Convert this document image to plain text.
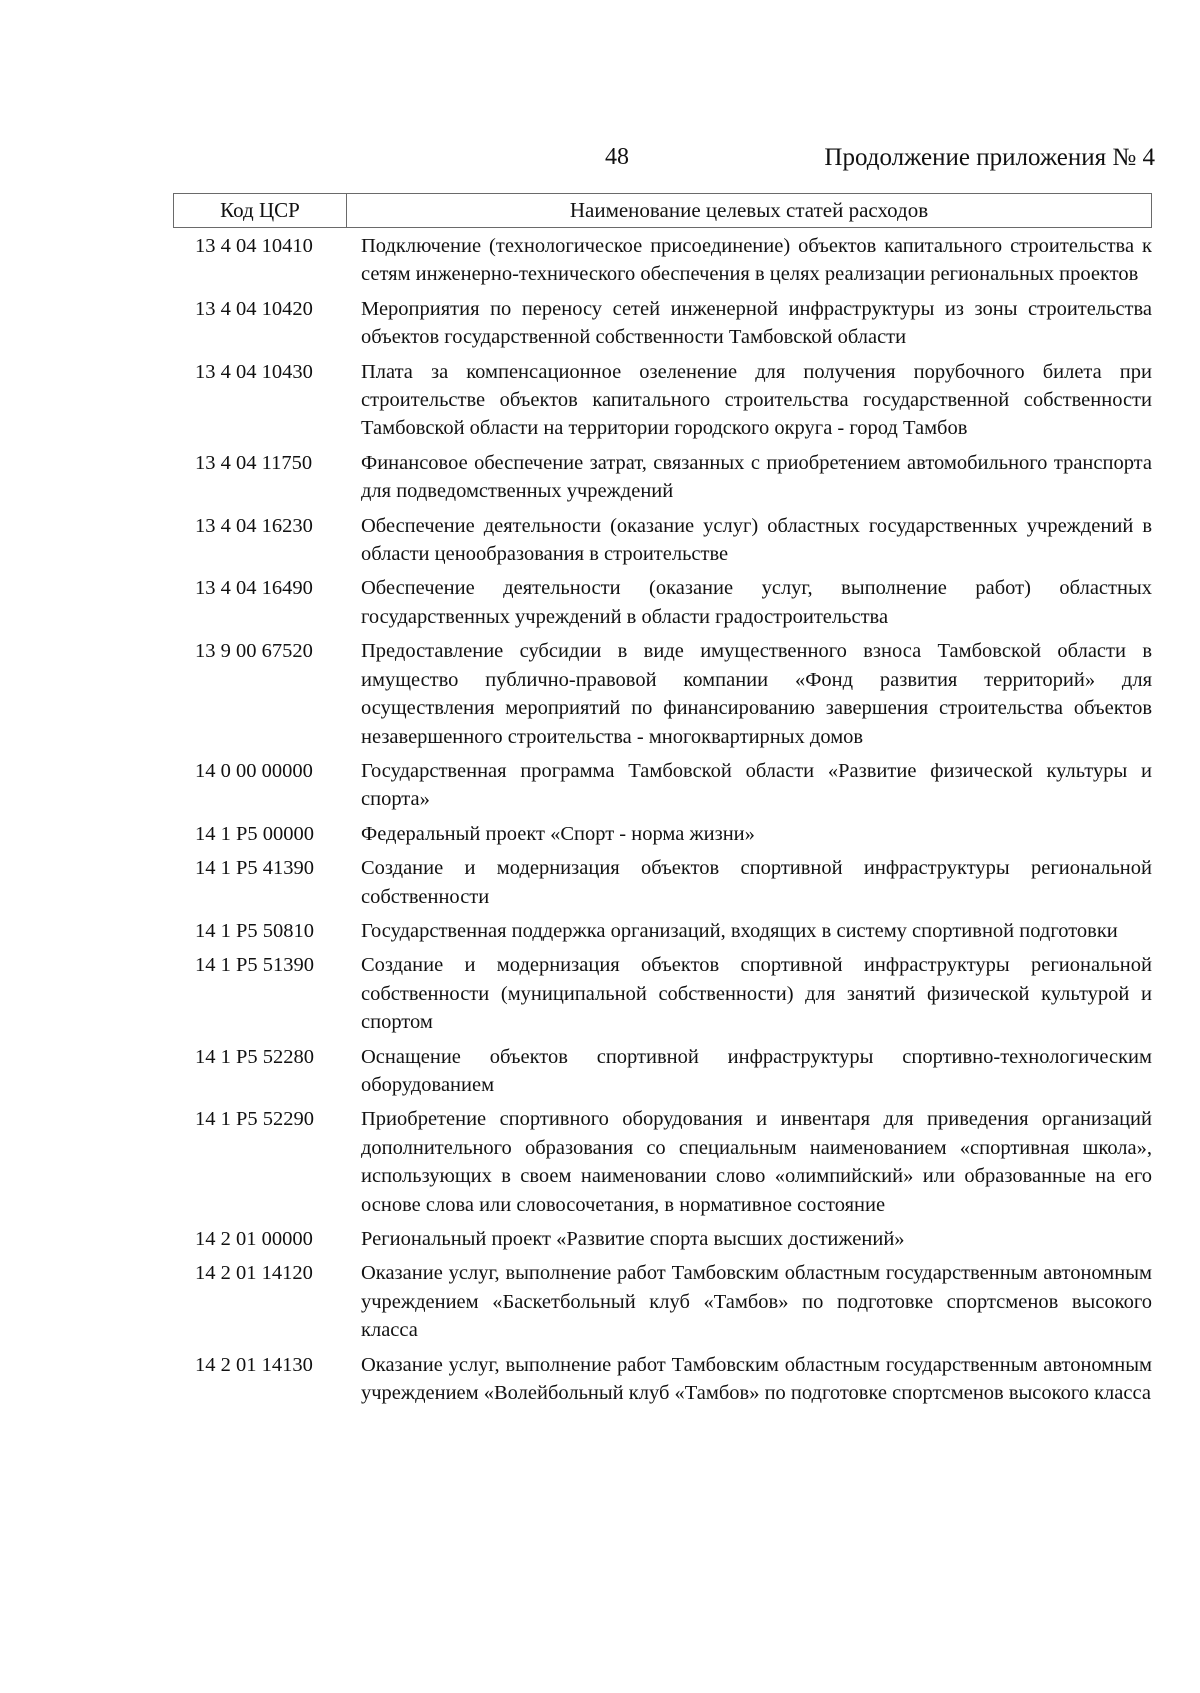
48	Продолжение приложения № 4
Код ЦСР	Наименование целевых статей расходов
13 4 04 10410	Подключение (технологическое присоединение) объектов капитального строительства к сетям инженерно-технического обеспечения в целях реализации региональных проектов
13 4 04 10420	Мероприятия по переносу сетей инженерной инфраструктуры из зоны строительства объектов государственной собственности Тамбовской области
13 4 04 10430	Плата за компенсационное озеленение для получения порубочного билета при строительстве объектов капитального строительства государственной собственности Тамбовской области на территории городского округа - город Тамбов
13 4 04 11750	Финансовое обеспечение затрат, связанных с приобретением автомобильного транспорта для подведомственных учреждений
13 4 04 16230	Обеспечение деятельности (оказание услуг) областных государственных учреждений в области ценообразования в строительстве
13 4 04 16490	Обеспечение деятельности (оказание услуг, выполнение работ) областных государственных учреждений в области градостроительства
13 9 00 67520	Предоставление субсидии в виде имущественного взноса Тамбовской области в имущество публично-правовой компании «Фонд развития территорий» для осуществления мероприятий по финансированию завершения строительства объектов незавершенного строительства - многоквартирных домов
14 0 00 00000	Государственная программа Тамбовской области «Развитие физической культуры и спорта»
14 1 P5 00000	Федеральный проект «Спорт - норма жизни»
14 1 P5 41390	Создание и модернизация объектов спортивной инфраструктуры региональной собственности
14 1 P5 50810	Государственная поддержка организаций, входящих в систему спортивной подготовки
14 1 P5 51390	Создание и модернизация объектов спортивной инфраструктуры региональной собственности (муниципальной собственности) для занятий физической культурой и спортом
14 1 P5 52280	Оснащение объектов спортивной инфраструктуры спортивно-технологическим оборудованием
14 1 P5 52290	Приобретение спортивного оборудования и инвентаря для приведения организаций дополнительного образования со специальным наименованием «спортивная школа», использующих в своем наименовании слово «олимпийский» или образованные на его основе слова или словосочетания, в нормативное состояние
14 2 01 00000	Региональный проект «Развитие спорта высших достижений»
14 2 01 14120	Оказание услуг, выполнение работ Тамбовским областным государственным автономным учреждением «Баскетбольный клуб «Тамбов» по подготовке спортсменов высокого класса
14 2 01 14130	Оказание услуг, выполнение работ Тамбовским областным государственным автономным учреждением «Волейбольный клуб «Тамбов» по подготовке спортсменов высокого класса
